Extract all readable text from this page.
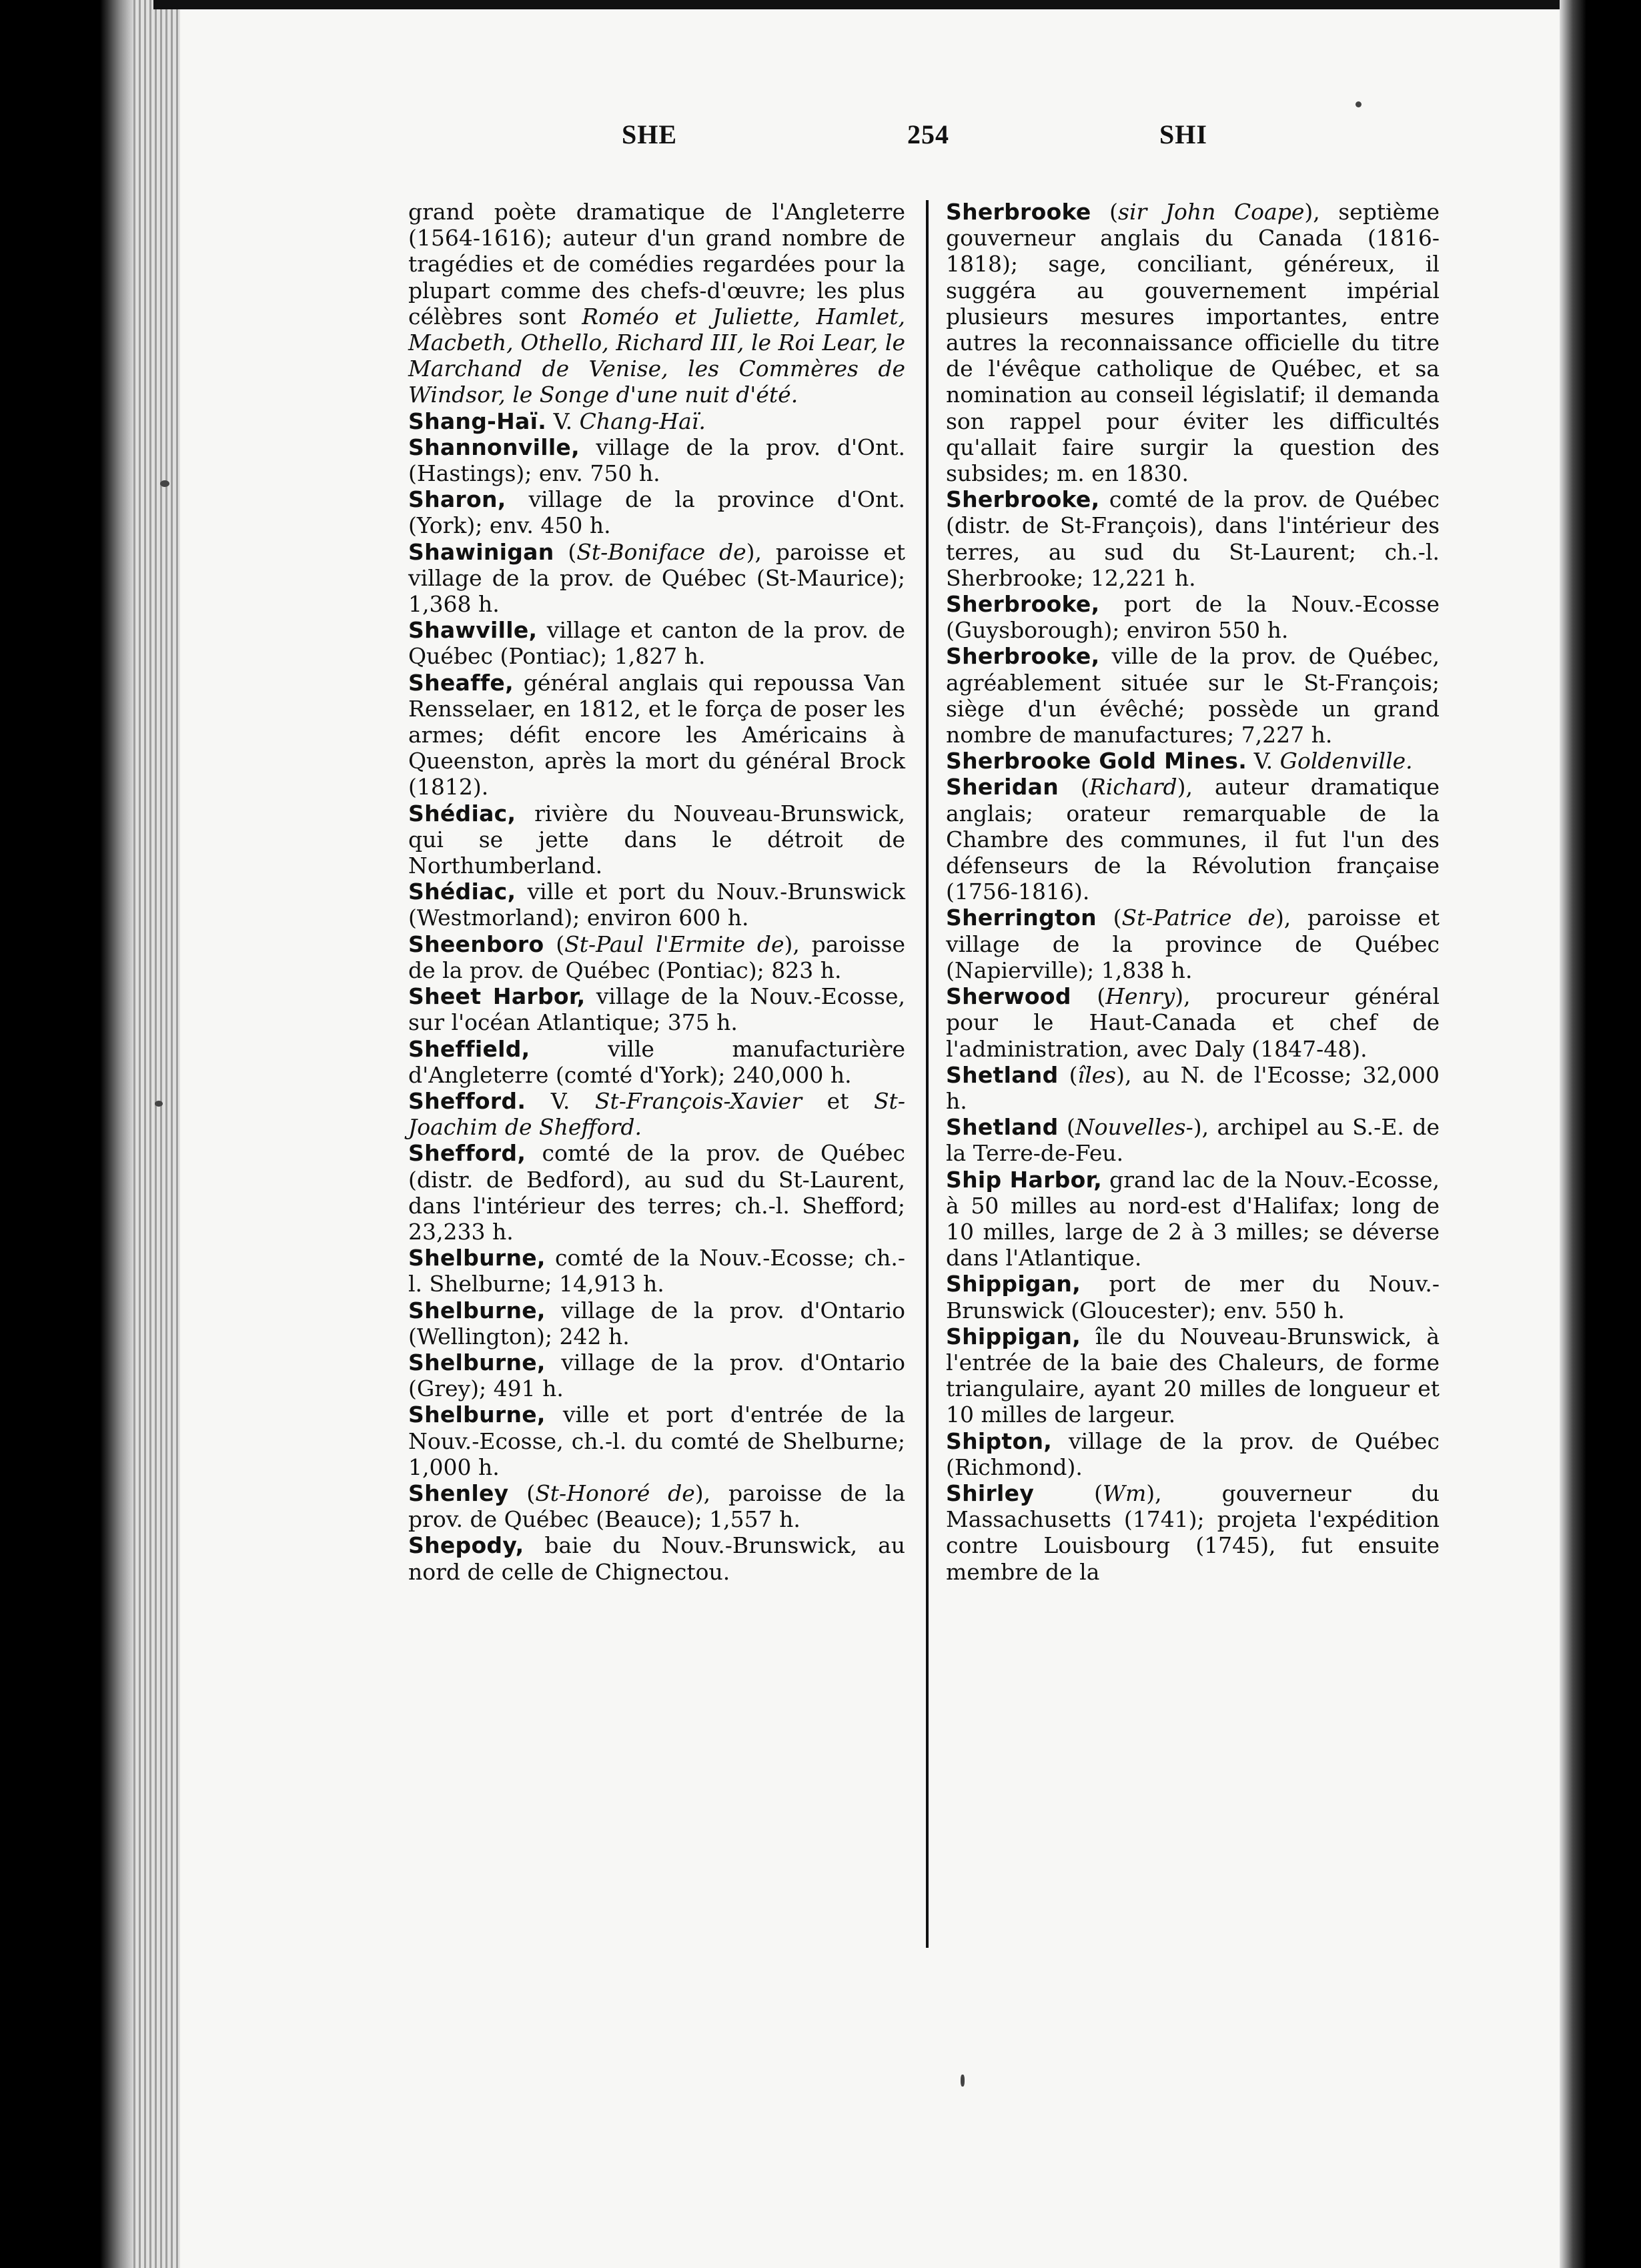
SHE	254	SHI
grand poète dramatique de l'Angleterre (1564-1616); auteur d'un grand nombre de tragédies et de comédies regardées pour la plupart comme des chefs-d'œuvre; les plus célèbres sont Roméo et Juliette, Hamlet, Macbeth, Othello, Richard III, le Roi Lear, le Marchand de Venise, les Commères de Windsor, le Songe d'une nuit d'été.
Shang-Haï. V. Chang-Haï.
Shannonville, village de la prov. d'Ont. (Hastings); env. 750 h.
Sharon, village de la province d'Ont. (York); env. 450 h.
Shawinigan (St-Boniface de), paroisse et village de la prov. de Québec (St-Maurice); 1,368 h.
Shawville, village et canton de la prov. de Québec (Pontiac); 1,827 h.
Sheaffe, général anglais qui repoussa Van Rensselaer, en 1812, et le força de poser les armes; défit encore les Américains à Queenston, après la mort du général Brock (1812).
Shédiac, rivière du Nouveau-Brunswick, qui se jette dans le détroit de Northumberland.
Shédiac, ville et port du Nouv.-Brunswick (Westmorland); environ 600 h.
Sheenboro (St-Paul l'Ermite de), paroisse de la prov. de Québec (Pontiac); 823 h.
Sheet Harbor, village de la Nouv.-Ecosse, sur l'océan Atlantique; 375 h.
Sheffield, ville manufacturière d'Angleterre (comté d'York); 240,000 h.
Shefford. V. St-François-Xavier et St-Joachim de Shefford.
Shefford, comté de la prov. de Québec (distr. de Bedford), au sud du St-Laurent, dans l'intérieur des terres; ch.-l. Shefford; 23,233 h.
Shelburne, comté de la Nouv.-Ecosse; ch.-l. Shelburne; 14,913 h.
Shelburne, village de la prov. d'Ontario (Wellington); 242 h.
Shelburne, village de la prov. d'Ontario (Grey); 491 h.
Shelburne, ville et port d'entrée de la Nouv.-Ecosse, ch.-l. du comté de Shelburne; 1,000 h.
Shenley (St-Honoré de), paroisse de la prov. de Québec (Beauce); 1,557 h.
Shepody, baie du Nouv.-Brunswick, au nord de celle de Chignectou.
Sherbrooke (sir John Coape), septième gouverneur anglais du Canada (1816-1818); sage, conciliant, généreux, il suggéra au gouvernement impérial plusieurs mesures importantes, entre autres la reconnaissance officielle du titre de l'évêque catholique de Québec, et sa nomination au conseil législatif; il demanda son rappel pour éviter les difficultés qu'allait faire surgir la question des subsides; m. en 1830.
Sherbrooke, comté de la prov. de Québec (distr. de St-François), dans l'intérieur des terres, au sud du St-Laurent; ch.-l. Sherbrooke; 12,221 h.
Sherbrooke, port de la Nouv.-Ecosse (Guysborough); environ 550 h.
Sherbrooke, ville de la prov. de Québec, agréablement située sur le St-François; siège d'un évêché; possède un grand nombre de manufactures; 7,227 h.
Sherbrooke Gold Mines. V. Goldenville.
Sheridan (Richard), auteur dramatique anglais; orateur remarquable de la Chambre des communes, il fut l'un des défenseurs de la Révolution française (1756-1816).
Sherrington (St-Patrice de), paroisse et village de la province de Québec (Napierville); 1,838 h.
Sherwood (Henry), procureur général pour le Haut-Canada et chef de l'administration, avec Daly (1847-48).
Shetland (îles), au N. de l'Ecosse; 32,000 h.
Shetland (Nouvelles-), archipel au S.-E. de la Terre-de-Feu.
Ship Harbor, grand lac de la Nouv.-Ecosse, à 50 milles au nord-est d'Halifax; long de 10 milles, large de 2 à 3 milles; se déverse dans l'Atlantique.
Shippigan, port de mer du Nouv.-Brunswick (Gloucester); env. 550 h.
Shippigan, île du Nouveau-Brunswick, à l'entrée de la baie des Chaleurs, de forme triangulaire, ayant 20 milles de longueur et 10 milles de largeur.
Shipton, village de la prov. de Québec (Richmond).
Shirley (Wm), gouverneur du Massachusetts (1741); projeta l'expédition contre Louisbourg (1745), fut ensuite membre de la
